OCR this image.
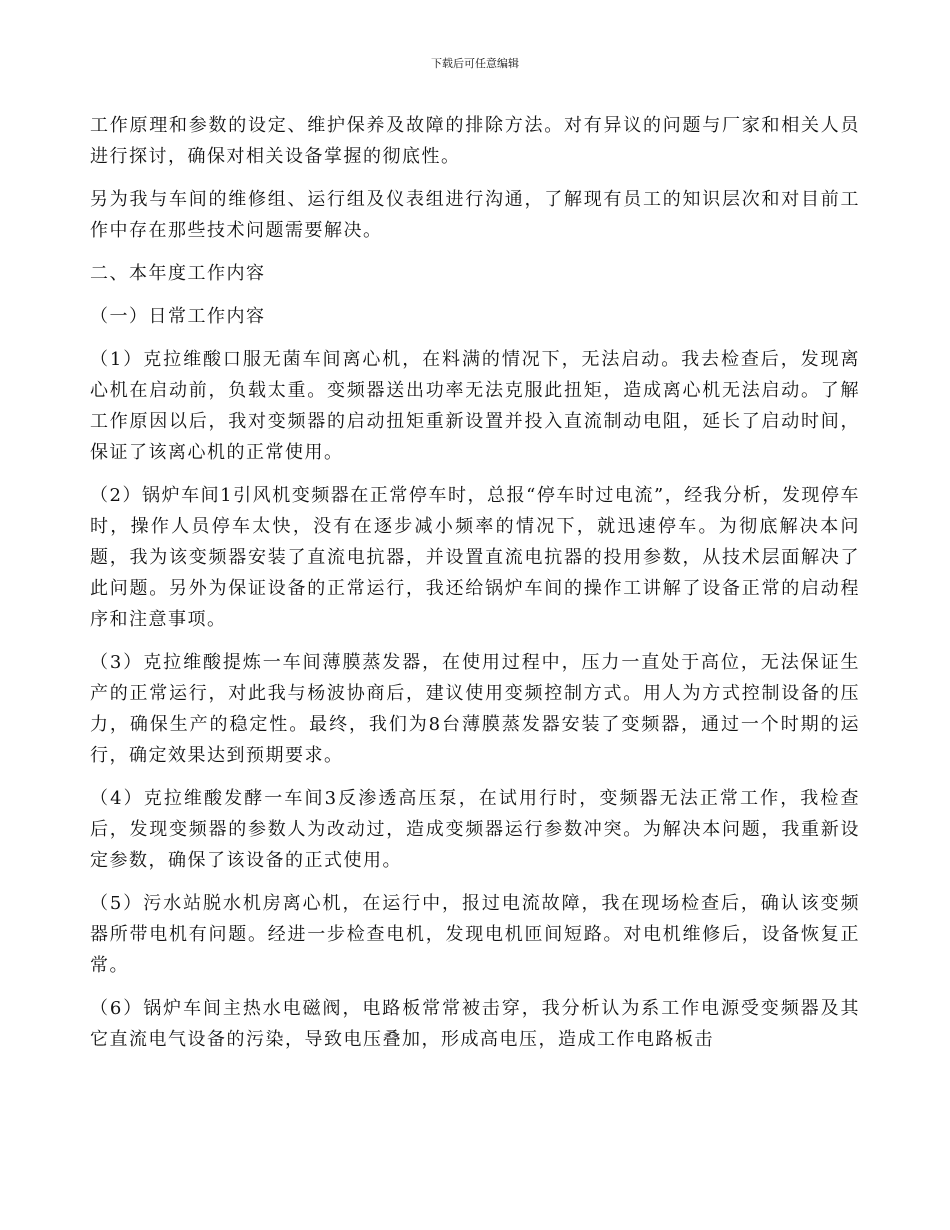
下载后可任意编辑

工作原理和参数的设定、维护保养及故障的排除方法。对有异议的问题与厂家和相关人员进行探讨，确保对相关设备掌握的彻底性。

另为我与车间的维修组、运行组及仪表组进行沟通，了解现有员工的知识层次和对目前工作中存在那些技术问题需要解决。

二、本年度工作内容

（一）日常工作内容

（1）克拉维酸口服无菌车间离心机，在料满的情况下，无法启动。我去检查后，发现离心机在启动前，负载太重。变频器送出功率无法克服此扭矩，造成离心机无法启动。了解工作原因以后，我对变频器的启动扭矩重新设置并投入直流制动电阻，延长了启动时间，保证了该离心机的正常使用。

（2）锅炉车间1引风机变频器在正常停车时，总报“停车时过电流”，经我分析，发现停车时，操作人员停车太快，没有在逐步减小频率的情况下，就迅速停车。为彻底解决本问题，我为该变频器安装了直流电抗器，并设置直流电抗器的投用参数，从技术层面解决了此问题。另外为保证设备的正常运行，我还给锅炉车间的操作工讲解了设备正常的启动程序和注意事项。

（3）克拉维酸提炼一车间薄膜蒸发器，在使用过程中，压力一直处于高位，无法保证生产的正常运行，对此我与杨波协商后，建议使用变频控制方式。用人为方式控制设备的压力，确保生产的稳定性。最终，我们为8台薄膜蒸发器安装了变频器，通过一个时期的运行，确定效果达到预期要求。

（4）克拉维酸发酵一车间3反渗透高压泵，在试用行时，变频器无法正常工作，我检查后，发现变频器的参数人为改动过，造成变频器运行参数冲突。为解决本问题，我重新设定参数，确保了该设备的正式使用。

（5）污水站脱水机房离心机，在运行中，报过电流故障，我在现场检查后，确认该变频器所带电机有问题。经进一步检查电机，发现电机匝间短路。对电机维修后，设备恢复正常。

（6）锅炉车间主热水电磁阀，电路板常常被击穿，我分析认为系工作电源受变频器及其它直流电气设备的污染，导致电压叠加，形成高电压，造成工作电路板击
